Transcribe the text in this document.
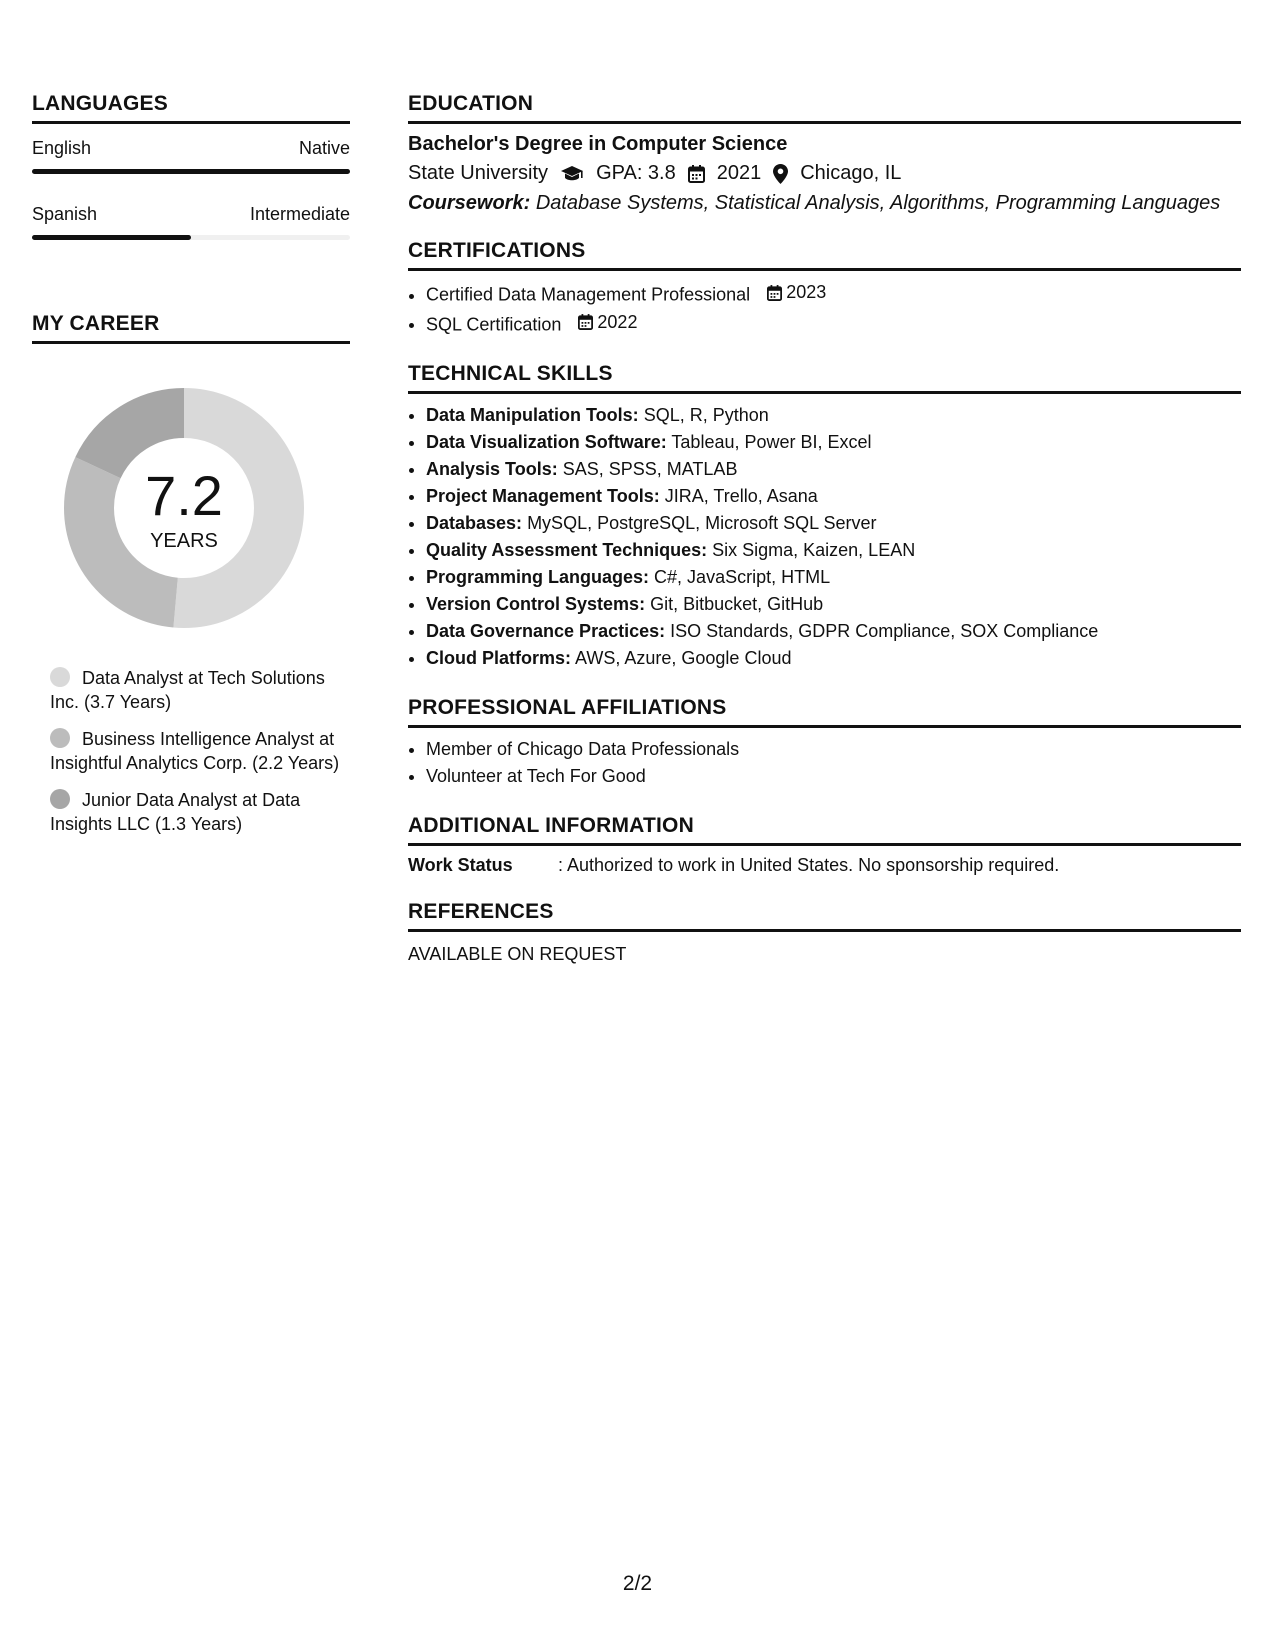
LANGUAGES
English	Native
Spanish	Intermediate
MY CAREER
7.2
YEARS
Data Analyst at Tech Solutions Inc. (3.7 Years)
Business Intelligence Analyst at Insightful Analytics Corp. (2.2 Years)
Junior Data Analyst at Data Insights LLC (1.3 Years)
EDUCATION
Bachelor's Degree in Computer Science
State University GPA: 3.8 2021 Chicago, IL
Coursework: Database Systems, Statistical Analysis, Algorithms, Programming Languages
CERTIFICATIONS
• Certified Data Management Professional 2023
• SQL Certification 2022
TECHNICAL SKILLS
• Data Manipulation Tools: SQL, R, Python
• Data Visualization Software: Tableau, Power BI, Excel
• Analysis Tools: SAS, SPSS, MATLAB
• Project Management Tools: JIRA, Trello, Asana
• Databases: MySQL, PostgreSQL, Microsoft SQL Server
• Quality Assessment Techniques: Six Sigma, Kaizen, LEAN
• Programming Languages: C#, JavaScript, HTML
• Version Control Systems: Git, Bitbucket, GitHub
• Data Governance Practices: ISO Standards, GDPR Compliance, SOX Compliance
• Cloud Platforms: AWS, Azure, Google Cloud
PROFESSIONAL AFFILIATIONS
• Member of Chicago Data Professionals
• Volunteer at Tech For Good
ADDITIONAL INFORMATION
Work Status	: Authorized to work in United States. No sponsorship required.
REFERENCES
AVAILABLE ON REQUEST
2/2
